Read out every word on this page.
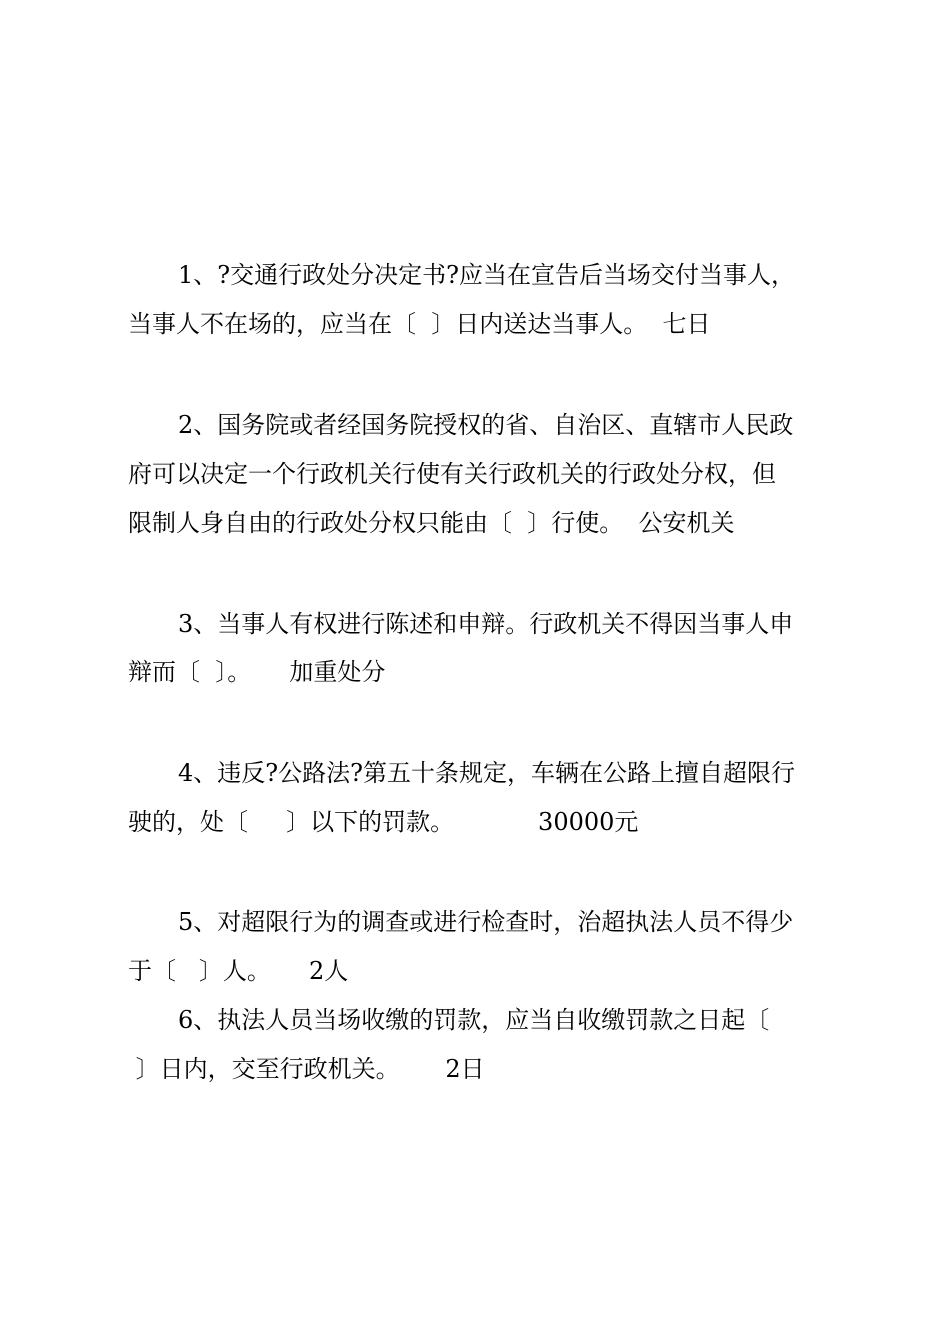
1、?交通行政处分决定书?应当在宣告后当场交付当事人，
当事人不在场的，应当在〔  〕日内送达当事人。  七日
2、国务院或者经国务院授权的省、自治区、直辖市人民政
府可以决定一个行政机关行使有关行政机关的行政处分权，但
限制人身自由的行政处分权只能由〔  〕行使。  公安机关
3、当事人有权进行陈述和申辩。行政机关不得因当事人申
辩而〔  〕。     加重处分
4、违反?公路法?第五十条规定，车辆在公路上擅自超限行
驶的，处〔     〕以下的罚款。           30000元
5、对超限行为的调查或进行检查时，治超执法人员不得少
于〔   〕人。     2人
6、执法人员当场收缴的罚款，应当自收缴罚款之日起〔
〕日内，交至行政机关。      2日
